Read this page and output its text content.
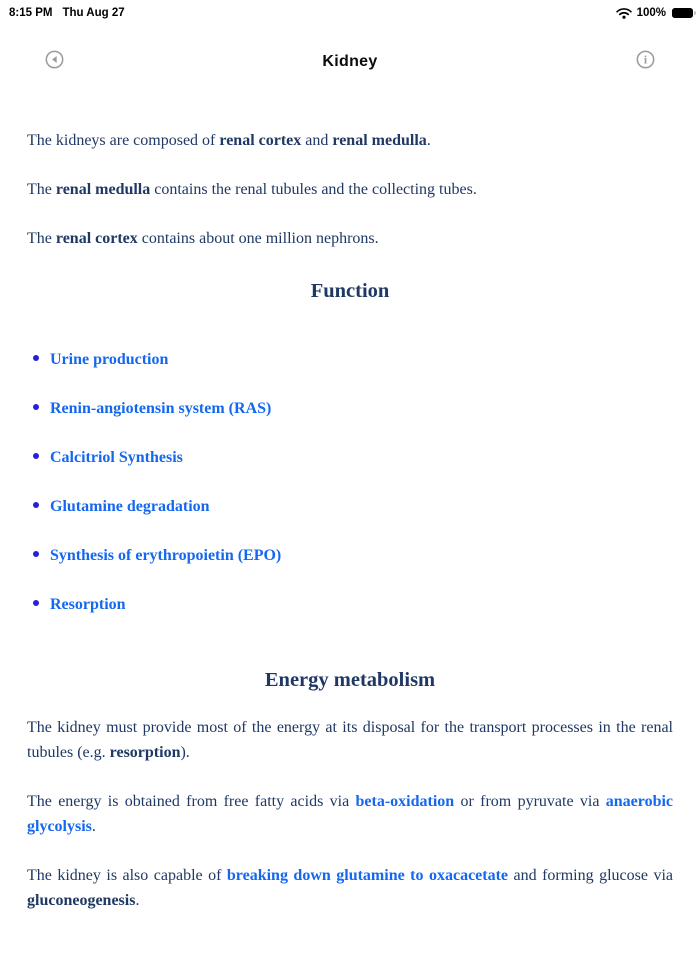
8:15 PM Thu Aug 27	100%
Kidney	i

The kidneys are composed of renal cortex and renal medulla.

The renal medulla contains the renal tubules and the collecting tubes.

The renal cortex contains about one million nephrons.

Function
Urine production
Renin-angiotensin system (RAS)
Calcitriol Synthesis
Glutamine degradation
Synthesis of erythropoietin (EPO)
Resorption
Energy metabolism

The kidney must provide most of the energy at its disposal for the transport processes in the renal tubules (e.g. resorption).

The energy is obtained from free fatty acids via beta-oxidation or from pyruvate via anaerobic glycolysis.

The kidney is also capable of breaking down glutamine to oxacacetate and forming glucose via gluconeogenesis.
